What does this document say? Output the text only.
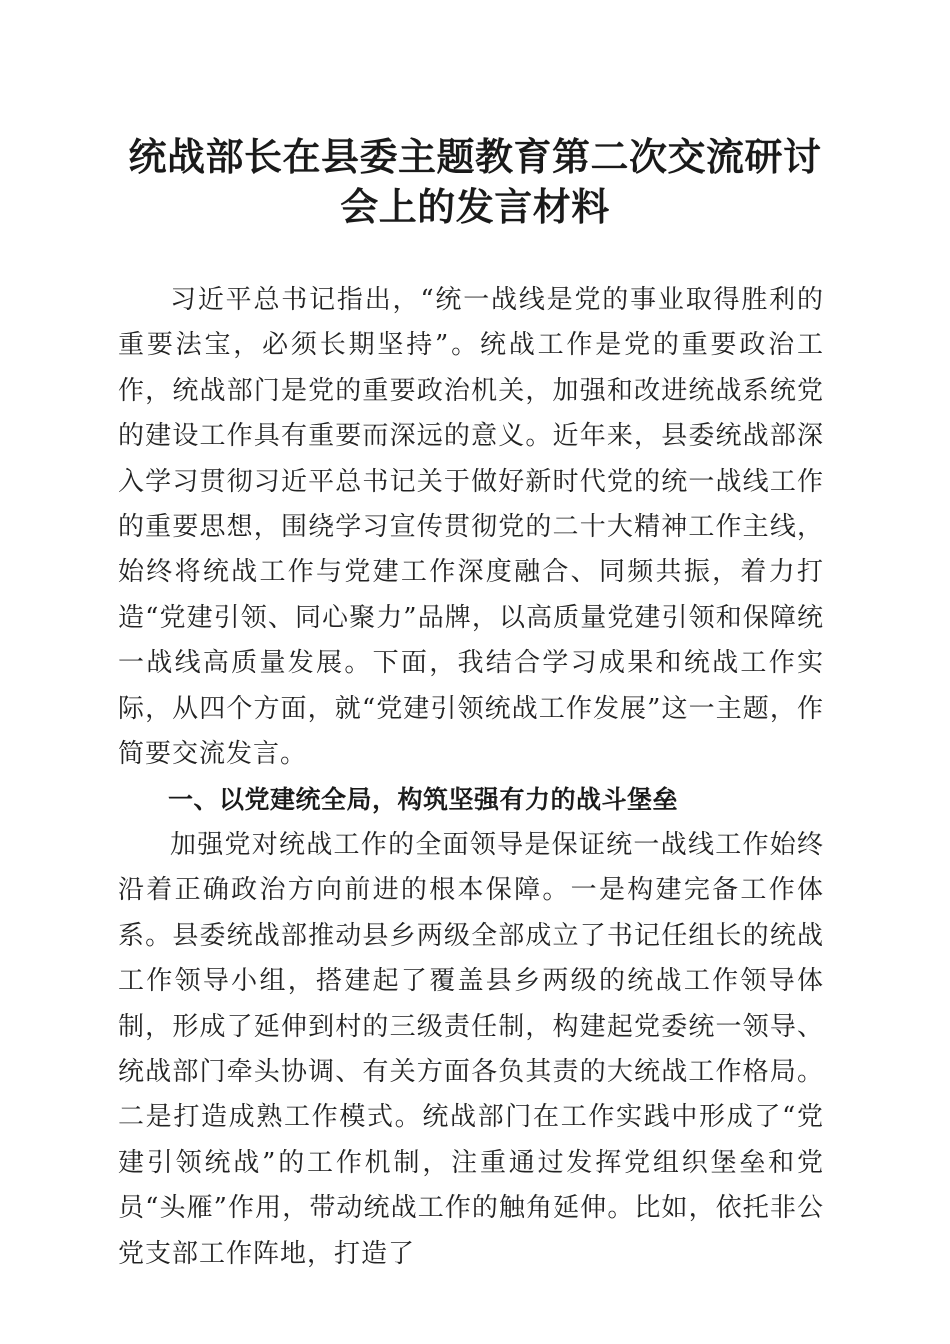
统战部长在县委主题教育第二次交流研讨会上的发言材料

习近平总书记指出，“统一战线是党的事业取得胜利的重要法宝，必须长期坚持”。统战工作是党的重要政治工作，统战部门是党的重要政治机关，加强和改进统战系统党的建设工作具有重要而深远的意义。近年来，县委统战部深入学习贯彻习近平总书记关于做好新时代党的统一战线工作的重要思想，围绕学习宣传贯彻党的二十大精神工作主线，始终将统战工作与党建工作深度融合、同频共振，着力打造“党建引领、同心聚力”品牌，以高质量党建引领和保障统一战线高质量发展。下面，我结合学习成果和统战工作实际，从四个方面，就“党建引领统战工作发展”这一主题，作简要交流发言。

一、以党建统全局，构筑坚强有力的战斗堡垒

加强党对统战工作的全面领导是保证统一战线工作始终沿着正确政治方向前进的根本保障。一是构建完备工作体系。县委统战部推动县乡两级全部成立了书记任组长的统战工作领导小组，搭建起了覆盖县乡两级的统战工作领导体制，形成了延伸到村的三级责任制，构建起党委统一领导、统战部门牵头协调、有关方面各负其责的大统战工作格局。二是打造成熟工作模式。统战部门在工作实践中形成了“党建引领统战”的工作机制，注重通过发挥党组织堡垒和党员“头雁”作用，带动统战工作的触角延伸。比如，依托非公党支部工作阵地，打造了
